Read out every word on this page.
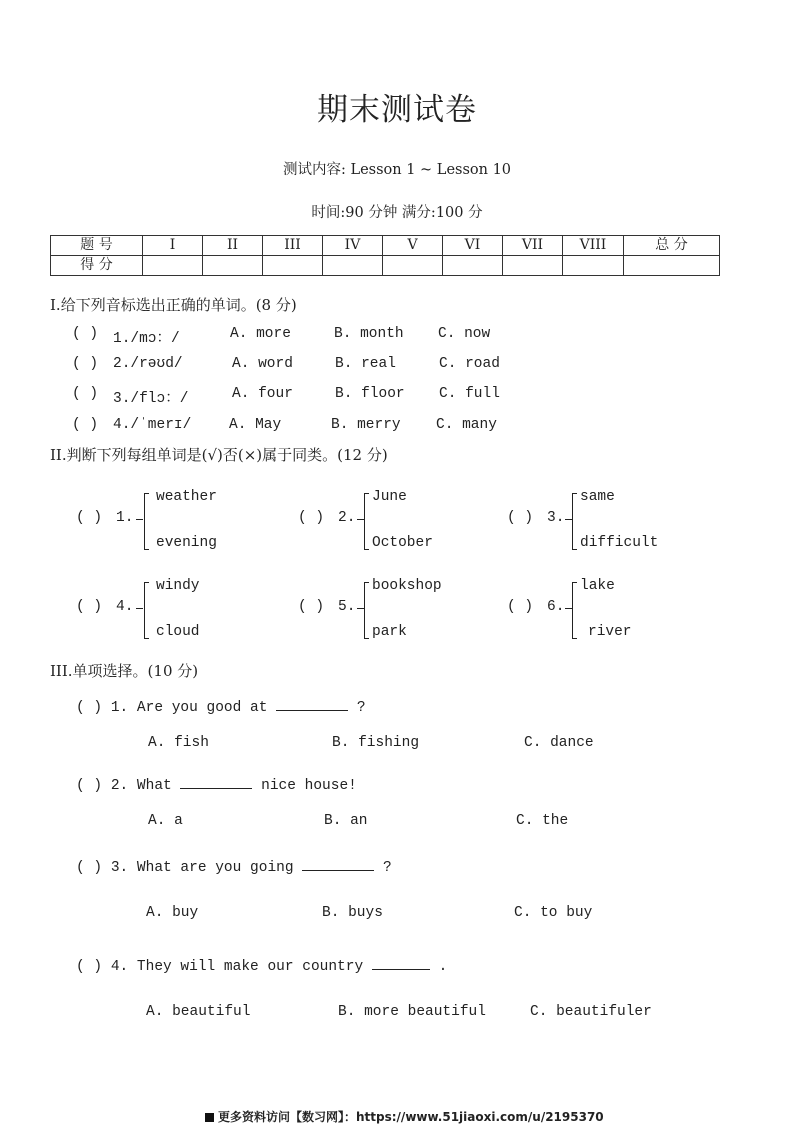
期末测试卷
测试内容: Lesson 1 ~ Lesson 10
时间:90 分钟 满分:100 分
题 号	I	II	III	IV	V	VI	VII	VIII	总 分
得 分									
I.给下列音标选出正确的单词。(8 分)
( ) 1./mɔ：/	A. more	B. month C. now
( ) 2./rəʊd/	A. word	B. real	C. road
( ) 3./flɔ：/	A. four	B. floor C. full
( ) 4./ˈmerɪ/	A. May	B. merry C. many
II.判断下列每组单词是(√)否(×)属于同类。(12 分)
( ) 1.
weather
evening
( ) 2.
June
October
( ) 3.
same
difficult
( ) 4.
windy
cloud
( ) 5.
bookshop
park
( ) 6.
lake
river
III.单项选择。(10 分)
( ) 1. Are you good at	?
A. fish	B. fishing	C. dance
( ) 2. What	nice house!
A. a	B. an	C. the
( ) 3. What are you going	?
A. buy	B. buys	C. to buy
( ) 4. They will make our country	.
A. beautiful	B. more beautiful	C. beautifuler
更多资料访问【数习网】：https://www.51jiaoxi.com/u/2195370
